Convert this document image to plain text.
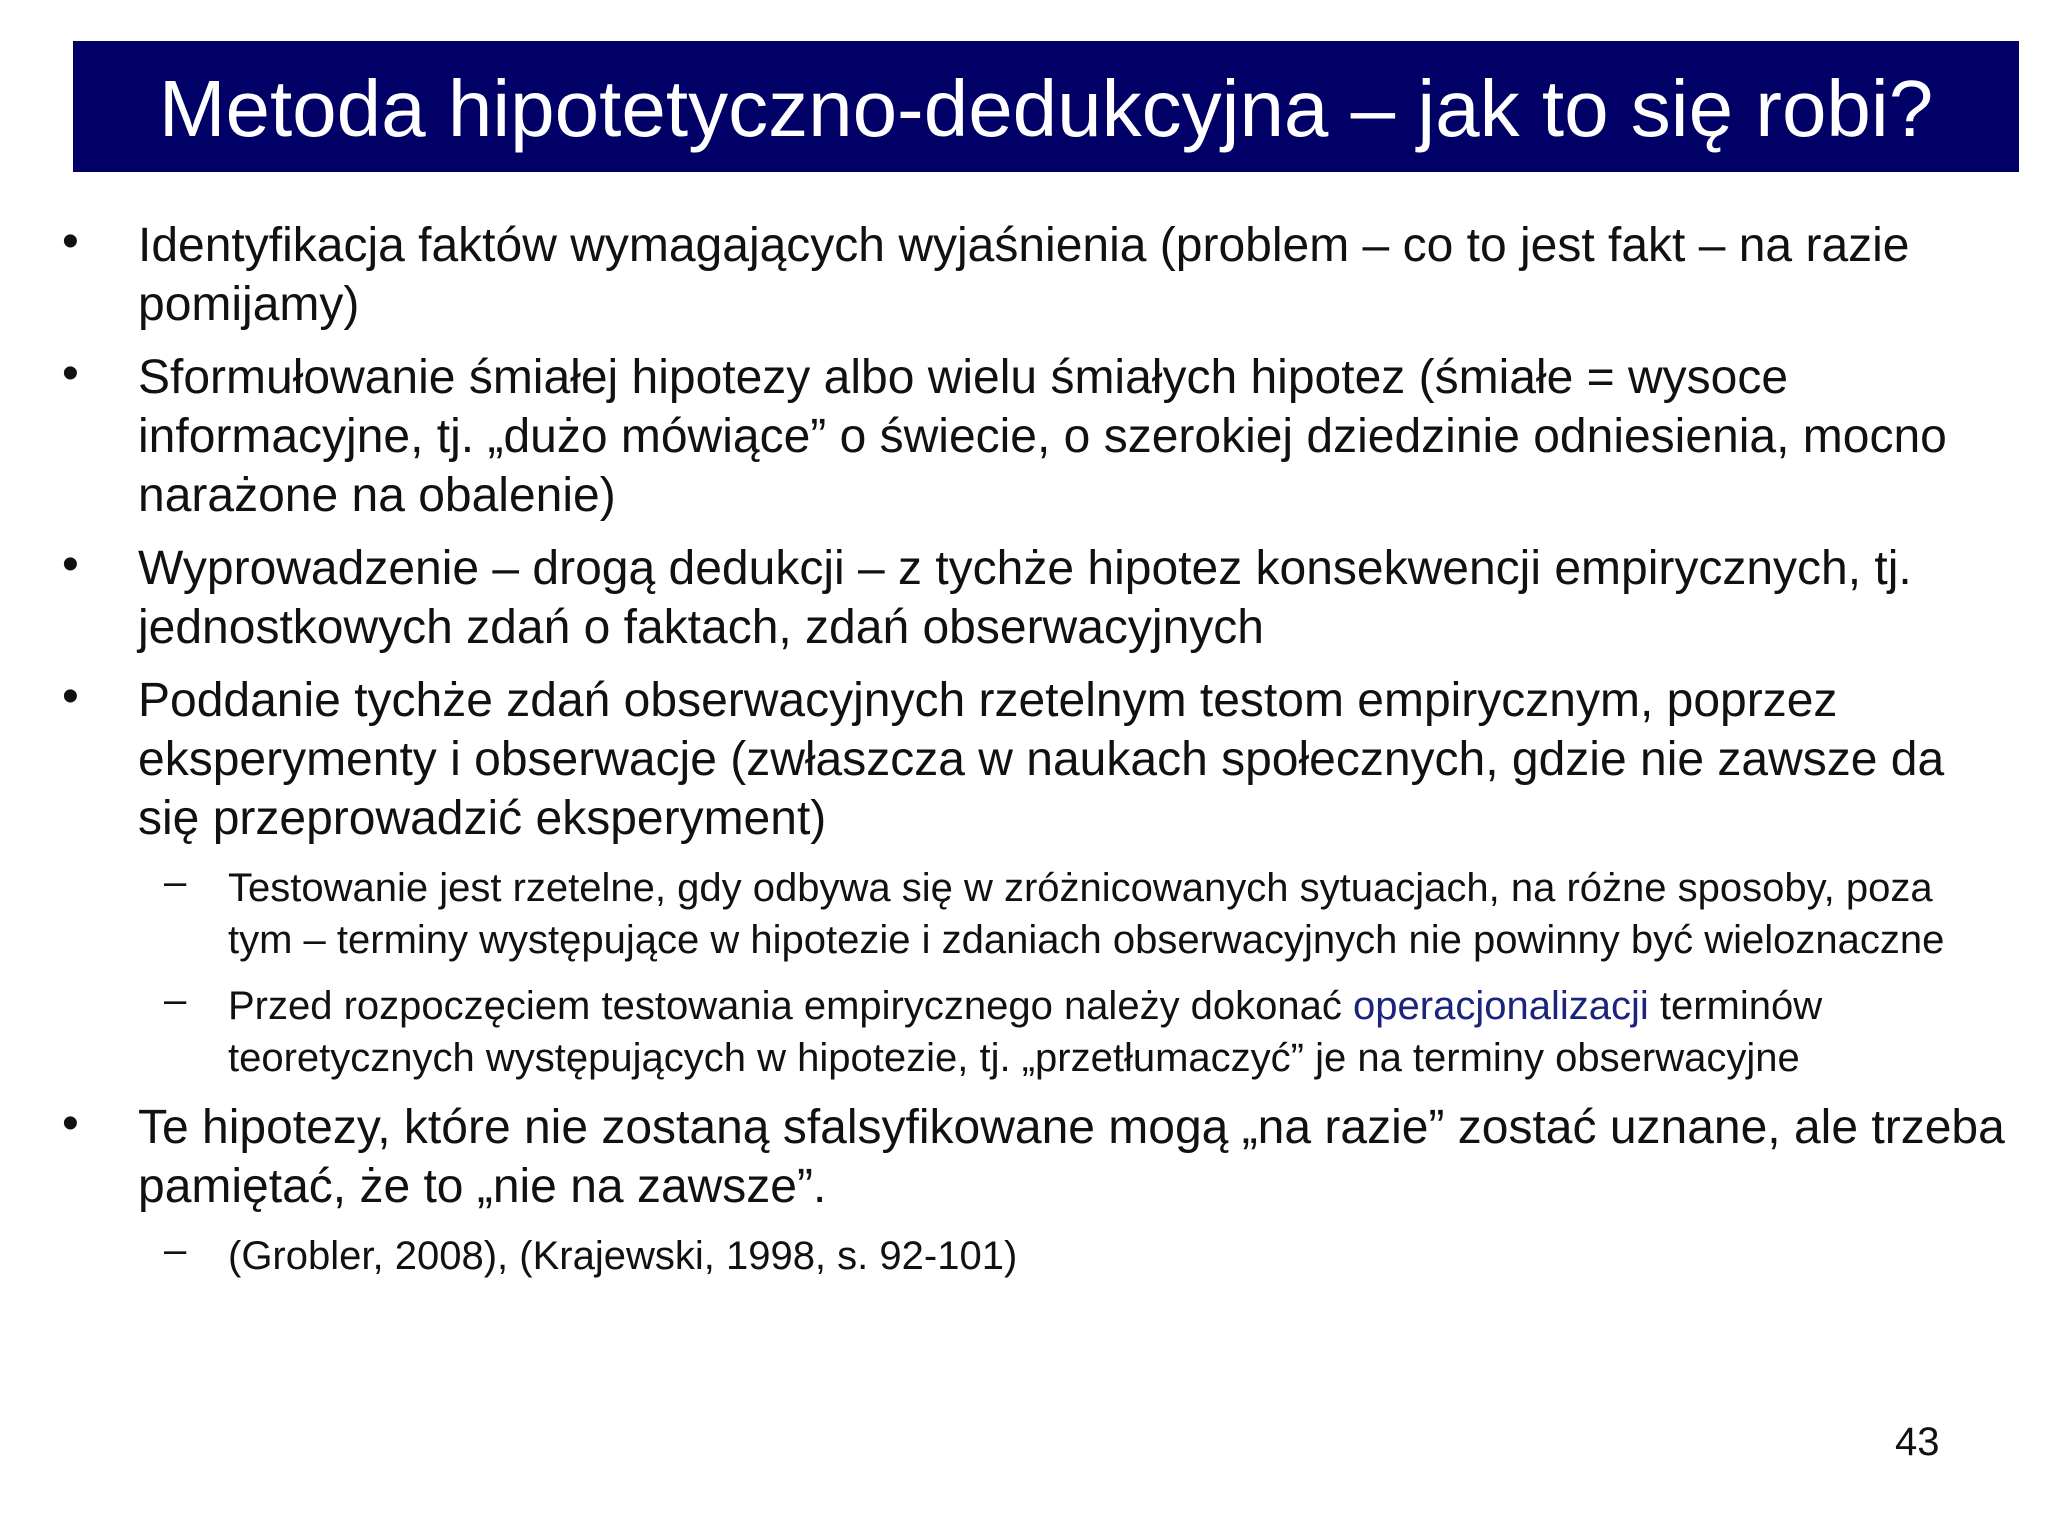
Metoda hipotetyczno-dedukcyjna – jak to się robi?
• Identyfikacja faktów wymagających wyjaśnienia (problem – co to jest fakt – na razie pomijamy)
• Sformułowanie śmiałej hipotezy albo wielu śmiałych hipotez (śmiałe = wysoce informacyjne, tj. „dużo mówiące” o świecie, o szerokiej dziedzinie odniesienia, mocno narażone na obalenie)
• Wyprowadzenie – drogą dedukcji – z tychże hipotez konsekwencji empirycznych, tj. jednostkowych zdań o faktach, zdań obserwacyjnych
• Poddanie tychże zdań obserwacyjnych rzetelnym testom empirycznym, poprzez eksperymenty i obserwacje (zwłaszcza w naukach społecznych, gdzie nie zawsze da się przeprowadzić eksperyment)
– Testowanie jest rzetelne, gdy odbywa się w zróżnicowanych sytuacjach, na różne sposoby, poza tym – terminy występujące w hipotezie i zdaniach obserwacyjnych nie powinny być wieloznaczne
– Przed rozpoczęciem testowania empirycznego należy dokonać operacjonalizacji terminów teoretycznych występujących w hipotezie, tj. „przetłumaczyć” je na terminy obserwacyjne
• Te hipotezy, które nie zostaną sfalsyfikowane mogą „na razie” zostać uznane, ale trzeba pamiętać, że to „nie na zawsze”.
– (Grobler, 2008), (Krajewski, 1998, s. 92-101)
43
